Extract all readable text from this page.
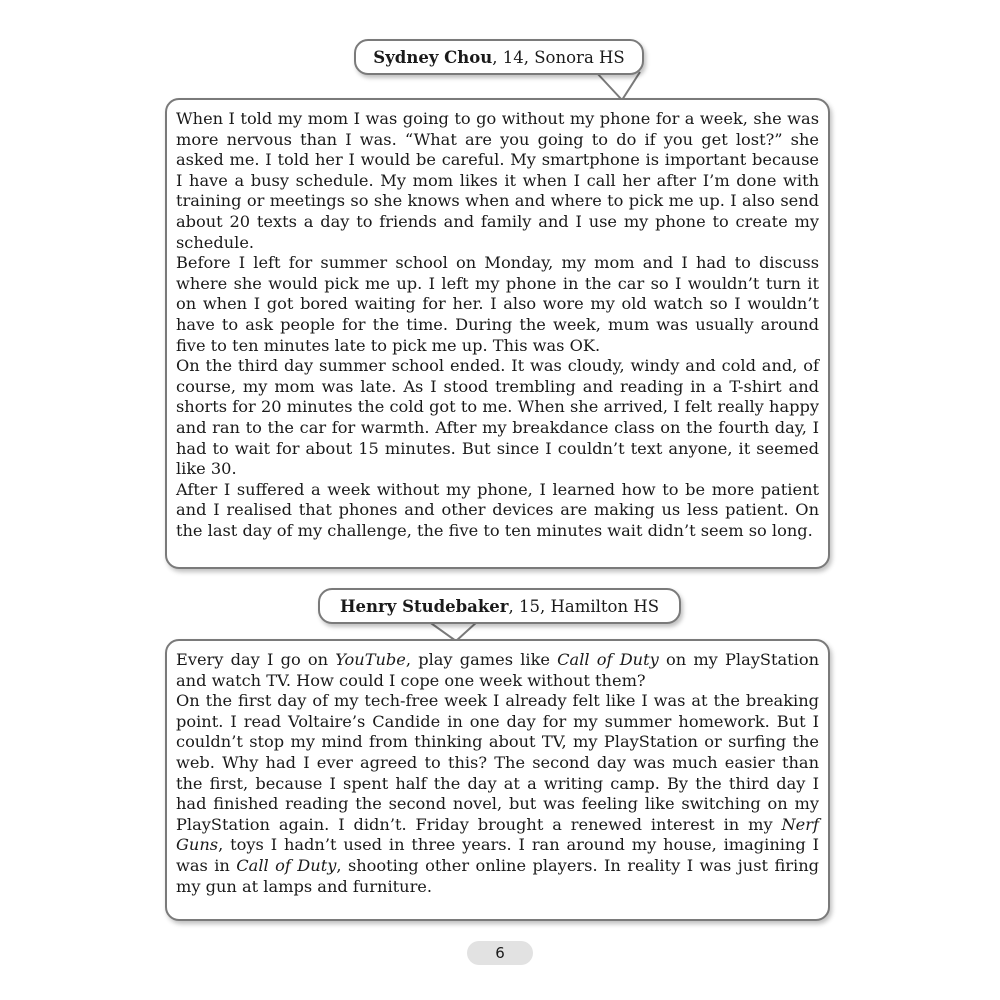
Sydney Chou , 14, Sonora HS

When I told my mom I was going to go without my phone for a week, she was more nervous than I was. “What are you going to do if you get lost?” she asked me. I told her I would be careful. My smartphone is important because I have a busy schedule. My mom likes it when I call her after I’m done with training or meetings so she knows when and where to pick me up. I also send about 20 texts a day to friends and family and I use my phone to create my schedule.

Before I left for summer school on Monday, my mom and I had to discuss where she would pick me up. I left my phone in the car so I wouldn’t turn it on when I got bored waiting for her. I also wore my old watch so I wouldn’t have to ask people for the time. During the week, mum was usually around five to ten minutes late to pick me up. This was OK.

On the third day summer school ended. It was cloudy, windy and cold and, of course, my mom was late. As I stood trembling and reading in a T-shirt and shorts for 20 minutes the cold got to me. When she arrived, I felt really happy and ran to the car for warmth. After my breakdance class on the fourth day, I had to wait for about 15 minutes. But since I couldn’t text anyone, it seemed like 30.

After I suffered a week without my phone, I learned how to be more patient and I realised that phones and other devices are making us less patient. On the last day of my challenge, the five to ten minutes wait didn’t seem so long.

Henry Studebaker , 15, Hamilton HS

Every day I go on YouTube, play games like Call of Duty on my PlayStation and watch TV. How could I cope one week without them?

On the first day of my tech-free week I already felt like I was at the breaking point. I read Voltaire’s Candide in one day for my summer homework. But I couldn’t stop my mind from thinking about TV, my PlayStation or surfing the web. Why had I ever agreed to this? The second day was much easier than the first, because I spent half the day at a writing camp. By the third day I had finished reading the second novel, but was feeling like switching on my PlayStation again. I didn’t. Friday brought a renewed interest in my Nerf Guns, toys I hadn’t used in three years. I ran around my house, imagining I was in Call of Duty, shooting other online players. In reality I was just firing my gun at lamps and furniture.

6
